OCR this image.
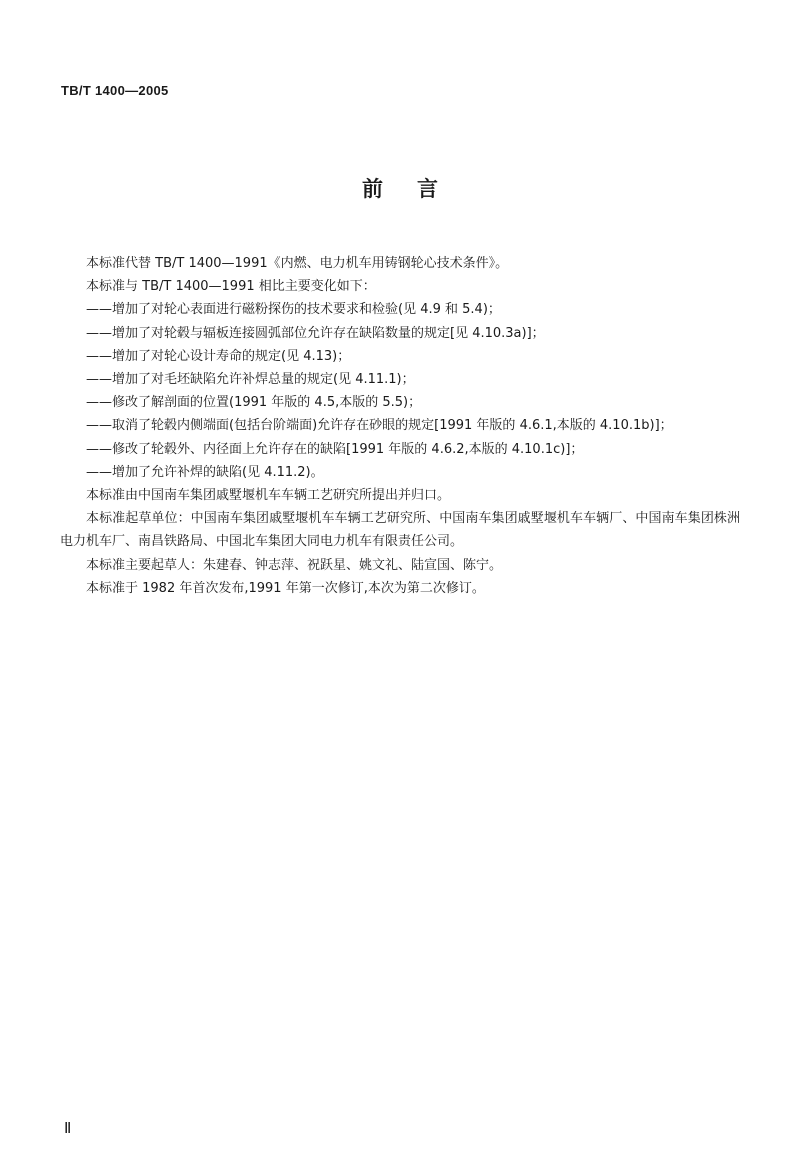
TB/T 1400—2005
前言

本标准代替 TB/T 1400—1991《内燃、电力机车用铸钢轮心技术条件》。

本标准与 TB/T 1400—1991 相比主要变化如下：

——增加了对轮心表面进行磁粉探伤的技术要求和检验(见 4.9 和 5.4)；

——增加了对轮毂与辐板连接圆弧部位允许存在缺陷数量的规定[见 4.10.3a)]；

——增加了对轮心设计寿命的规定(见 4.13)；

——增加了对毛坯缺陷允许补焊总量的规定(见 4.11.1)；

——修改了解剖面的位置(1991 年版的 4.5,本版的 5.5)；

——取消了轮毂内侧端面(包括台阶端面)允许存在砂眼的规定[1991 年版的 4.6.1,本版的 4.10.1b)]；

——修改了轮毂外、内径面上允许存在的缺陷[1991 年版的 4.6.2,本版的 4.10.1c)]；

——增加了允许补焊的缺陷(见 4.11.2)。

本标准由中国南车集团戚墅堰机车车辆工艺研究所提出并归口。

本标准起草单位：中国南车集团戚墅堰机车车辆工艺研究所、中国南车集团戚墅堰机车车辆厂、中国南车集团株洲电力机车厂、南昌铁路局、中国北车集团大同电力机车有限责任公司。

本标准主要起草人：朱建春、钟志萍、祝跃星、姚文礼、陆宣国、陈宁。

本标准于 1982 年首次发布,1991 年第一次修订,本次为第二次修订。

Ⅱ
